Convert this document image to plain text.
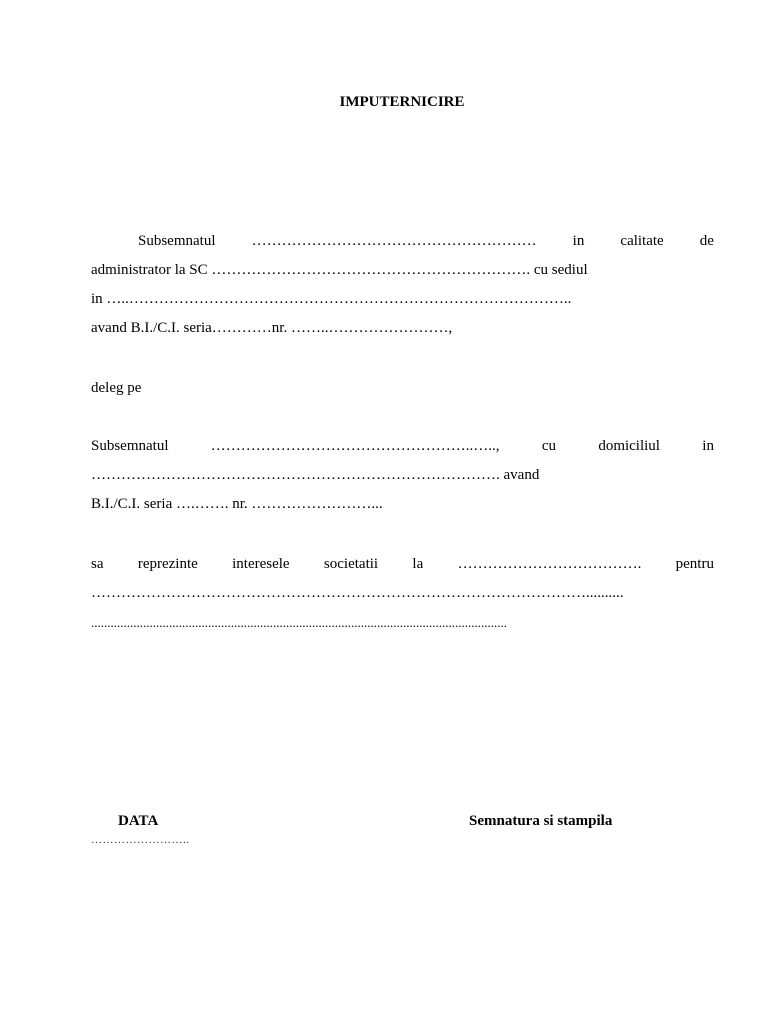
IMPUTERNICIRE
Subsemnatul ………………………………………………… in calitate de
administrator la SC ………………………………………………………. cu sediul
in …..……………………………………………………………………………..
avand B.I./C.I. seria…………nr. ……..……………………,
deleg pe
Subsemnatul	……………………………………………..…..,	cu	domiciliul	in
………………………………………………………………………. avand
B.I./C.I. seria ….……. nr. ……………………...
sa reprezinte interesele societatii la ………………………………. pentru
………………………………………………………………………………………..........
................................................................................................................................
DATA
……………………..
Semnatura si stampila
